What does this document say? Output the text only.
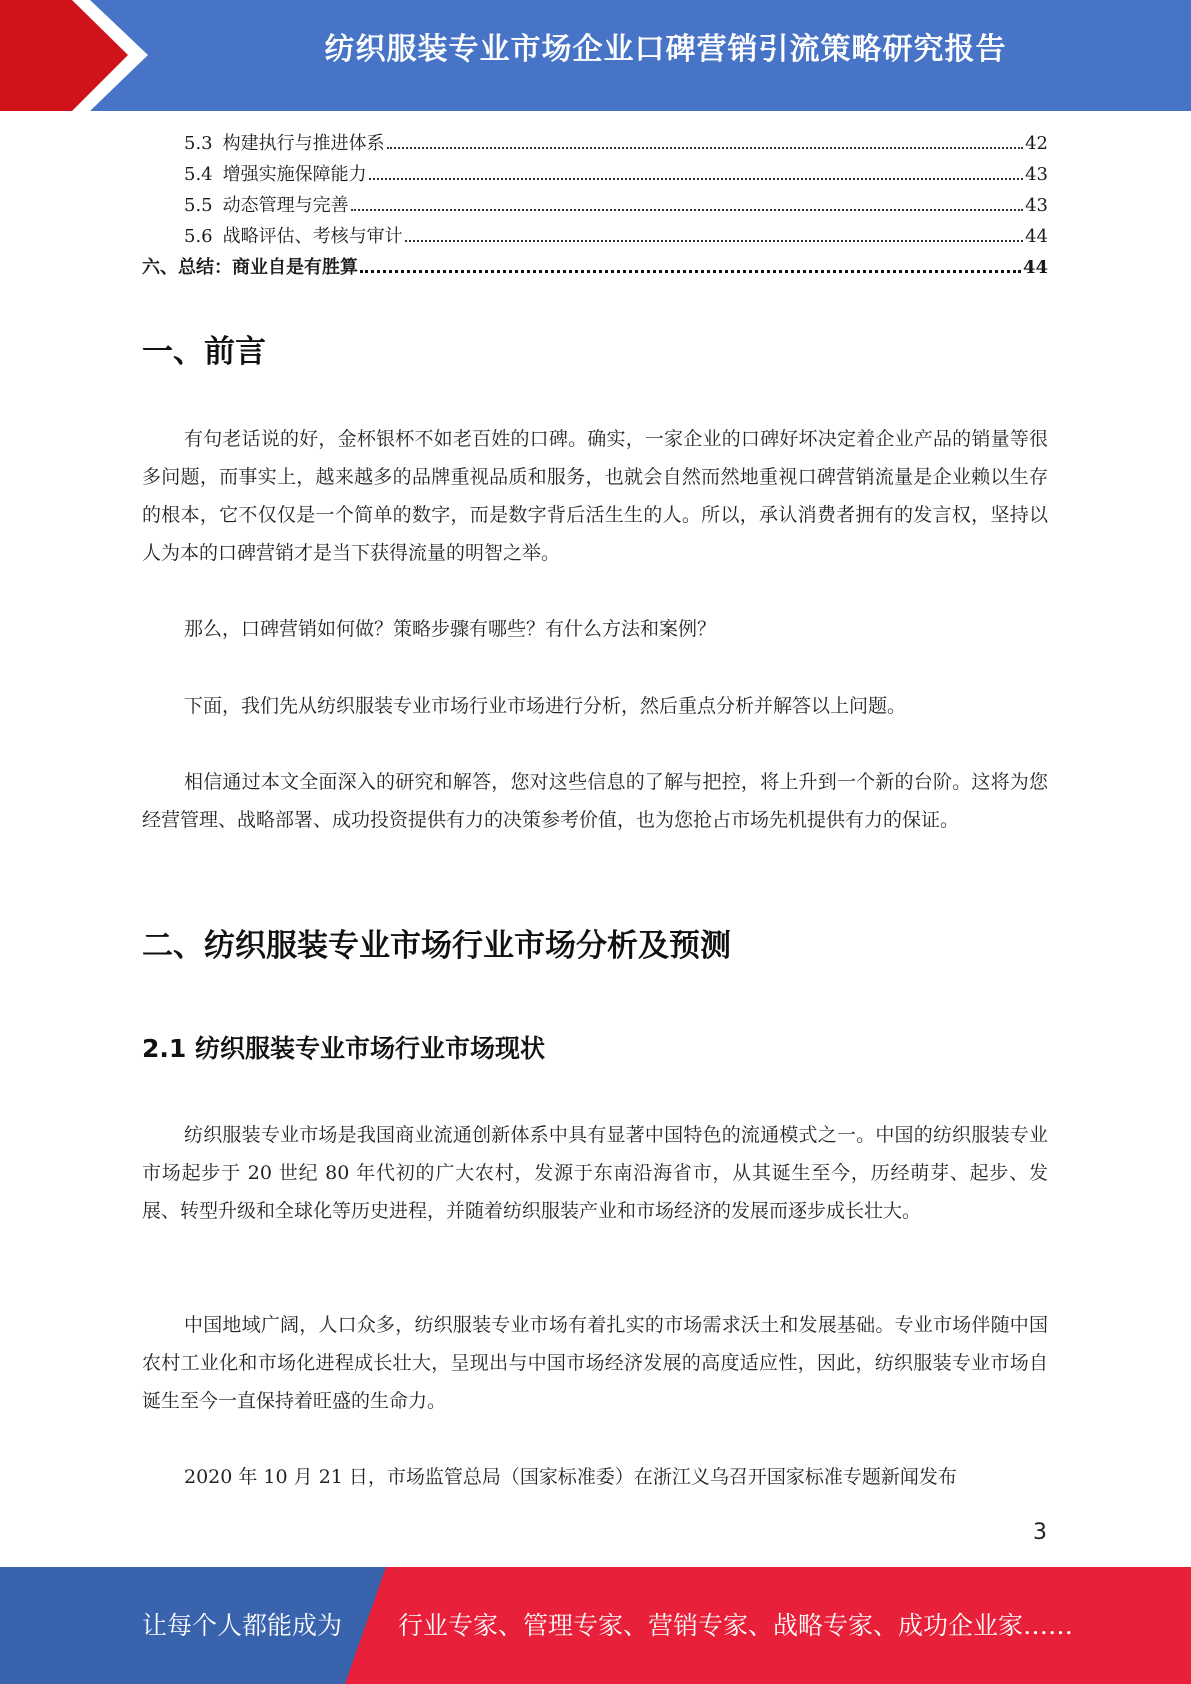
纺织服装专业市场企业口碑营销引流策略研究报告
5.3 构建执行与推进体系	42
5.4 增强实施保障能力	43
5.5 动态管理与完善	43
5.6 战略评估、考核与审计	44
六、总结：商业自是有胜算	44
一、前言
有句老话说的好，金杯银杯不如老百姓的口碑。确实，一家企业的口碑好坏决定着企业产品的销量等很多问题，而事实上，越来越多的品牌重视品质和服务，也就会自然而然地重视口碑营销流量是企业赖以生存的根本，它不仅仅是一个简单的数字，而是数字背后活生生的人。所以，承认消费者拥有的发言权，坚持以人为本的口碑营销才是当下获得流量的明智之举。
那么，口碑营销如何做？策略步骤有哪些？有什么方法和案例？
下面，我们先从纺织服装专业市场行业市场进行分析，然后重点分析并解答以上问题。
相信通过本文全面深入的研究和解答，您对这些信息的了解与把控，将上升到一个新的台阶。这将为您经营管理、战略部署、成功投资提供有力的决策参考价值，也为您抢占市场先机提供有力的保证。
二、纺织服装专业市场行业市场分析及预测
2.1 纺织服装专业市场行业市场现状
纺织服装专业市场是我国商业流通创新体系中具有显著中国特色的流通模式之一。中国的纺织服装专业市场起步于 20 世纪 80 年代初的广大农村，发源于东南沿海省市，从其诞生至今，历经萌芽、起步、发展、转型升级和全球化等历史进程，并随着纺织服装产业和市场经济的发展而逐步成长壮大。
中国地域广阔，人口众多，纺织服装专业市场有着扎实的市场需求沃土和发展基础。专业市场伴随中国农村工业化和市场化进程成长壮大，呈现出与中国市场经济发展的高度适应性，因此，纺织服装专业市场自诞生至今一直保持着旺盛的生命力。
2020 年 10 月 21 日，市场监管总局（国家标准委）在浙江义乌召开国家标准专题新闻发布
3
让每个人都能成为 行业专家、管理专家、营销专家、战略专家、成功企业家……
